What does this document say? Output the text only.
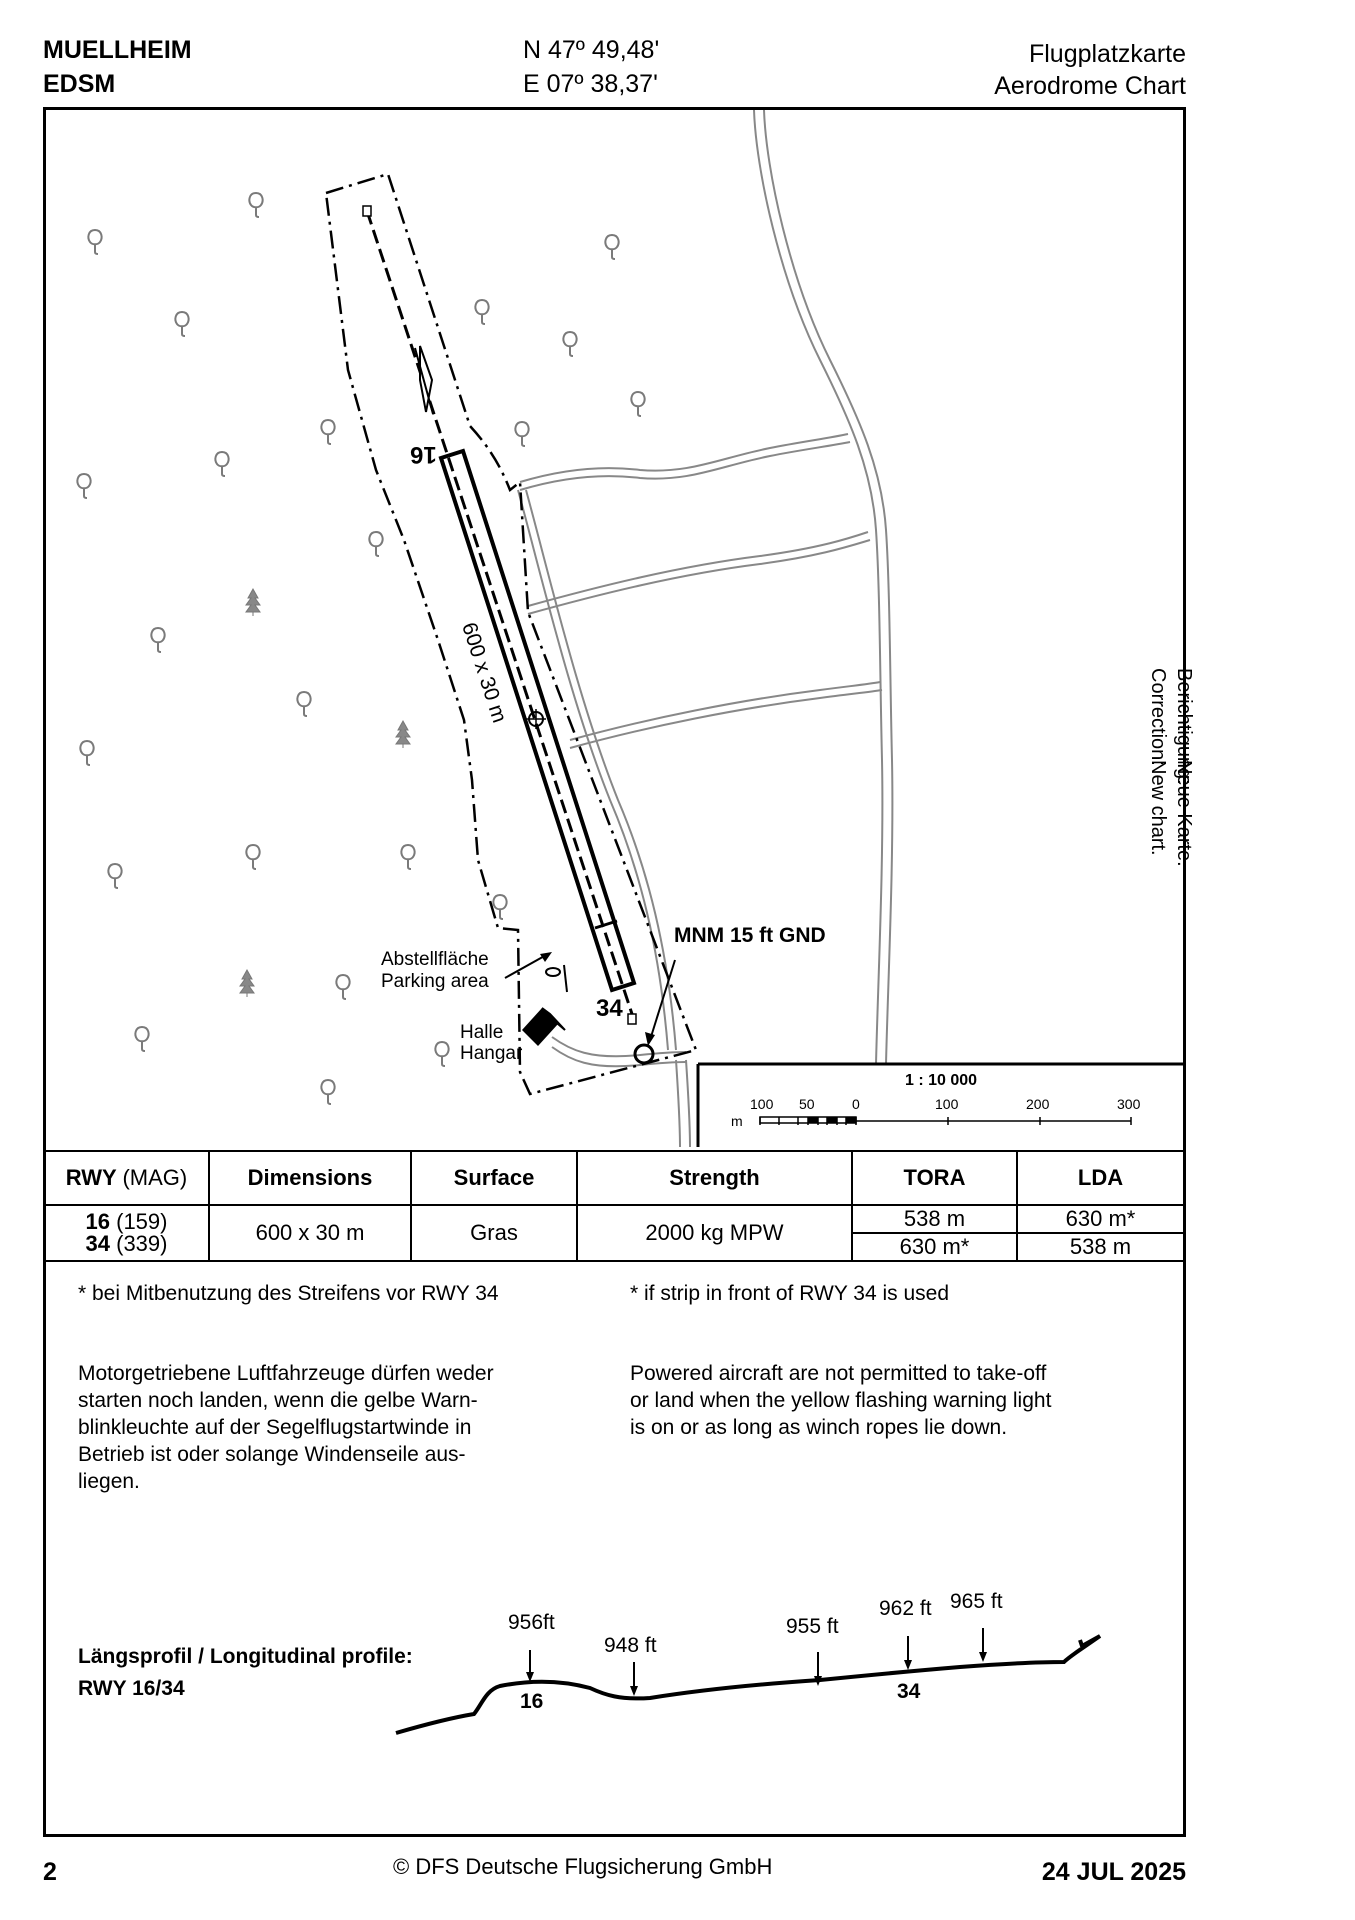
MUELLHEIM
EDSM
N 47º 49,48'
E 07º 38,37'
Flugplatzkarte
Aerodrome Chart
16
34
600 x 30 m
MNM 15 ft GND
Abstellfläche
Parking area
Halle
Hangar
1 : 10 000
m
100 50	0	100	200	300
Berichtigung:Neue Karte.
Correction:New chart.
RWY (MAG)	Dimensions	Surface	Strength	TORA	LDA

16 (159)
34 (339)	600 x 30 m	Gras	2000 kg MPW	538 m	630 m*
				630 m*	538 m
* bei Mitbenutzung des Streifens vor RWY 34	* if strip in front of RWY 34 is used
Motorgetriebene Luftfahrzeuge dürfen weder
starten noch landen, wenn die gelbe Warn-
blinkleuchte auf der Segelflugstartwinde in
Betrieb ist oder solange Windenseile aus-
liegen.
Powered aircraft are not permitted to take-off
or land when the yellow flashing warning light
is on or as long as winch ropes lie down.
Längsprofil / Longitudinal profile:
RWY 16/34
956ft
948 ft
955 ft
962 ft 965 ft
16	34
2	© DFS Deutsche Flugsicherung GmbH	24 JUL 2025
